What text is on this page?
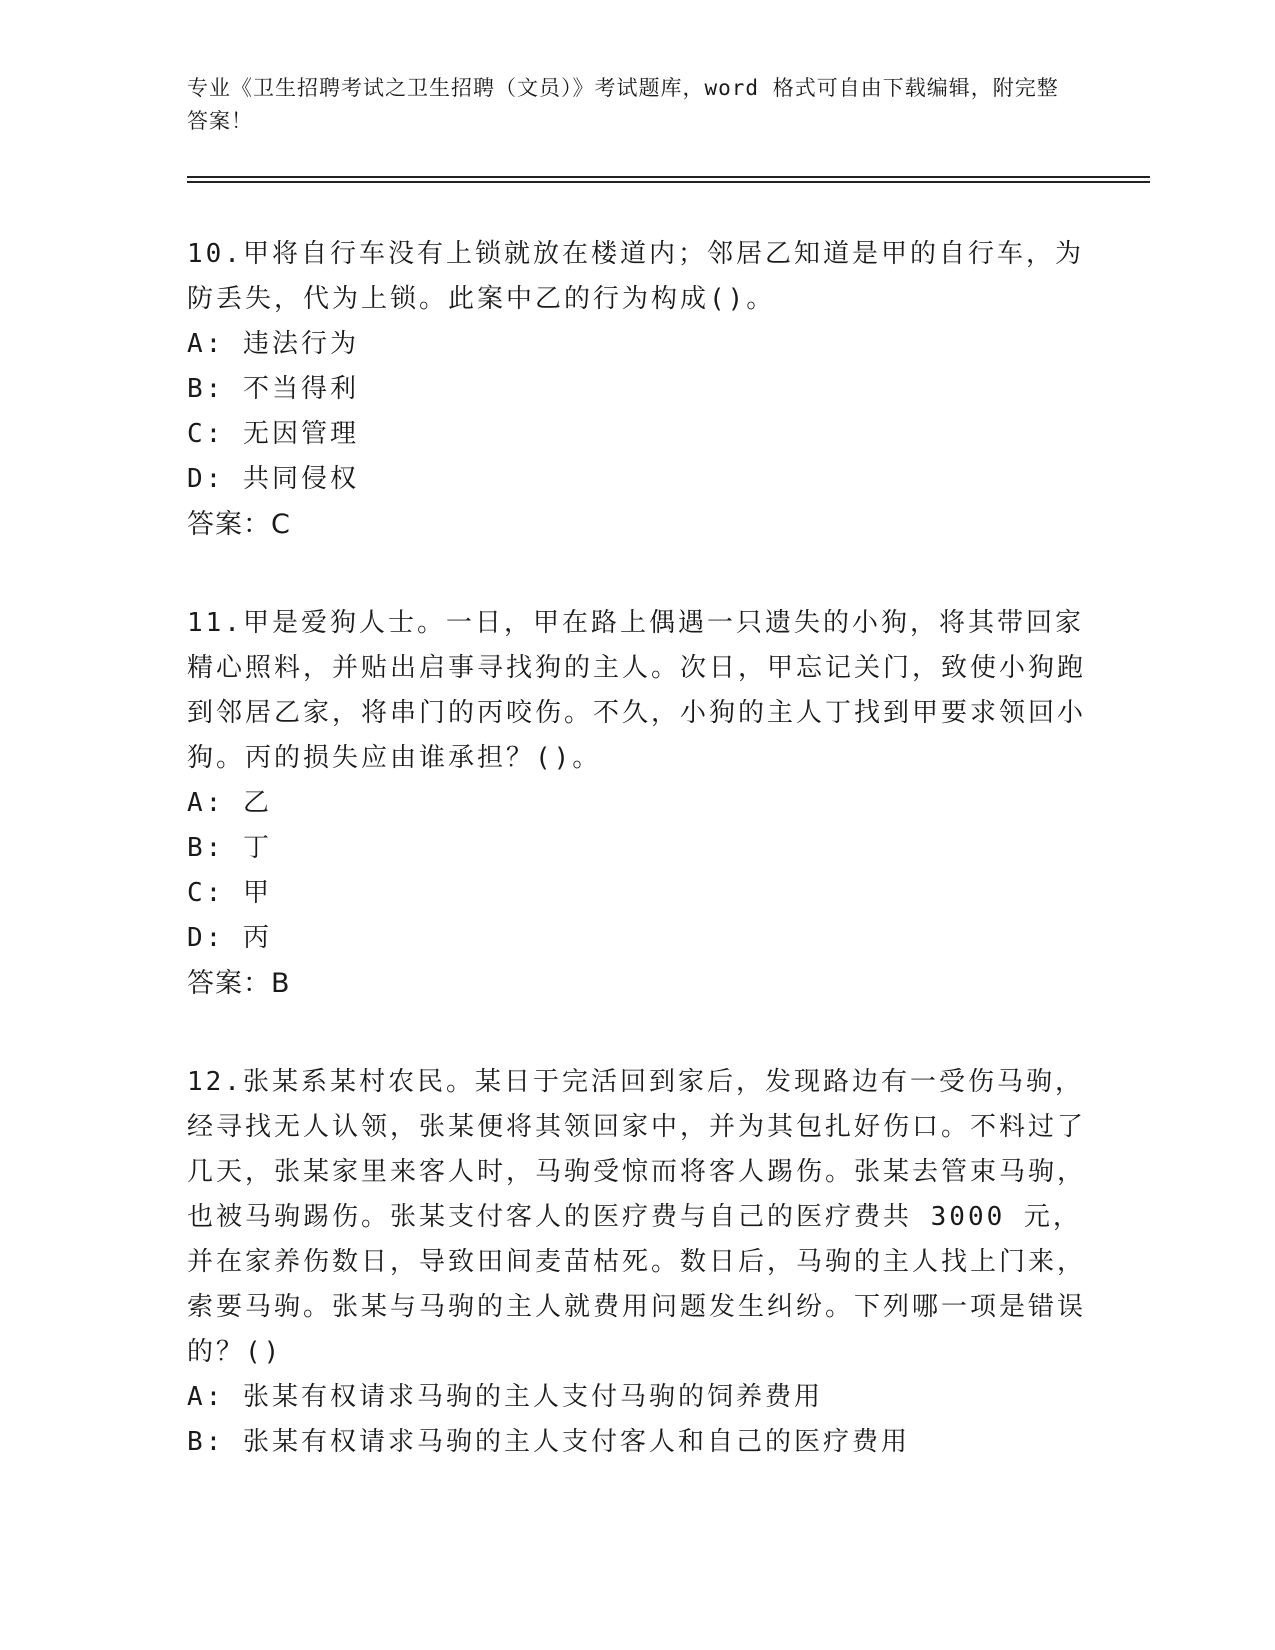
专业《卫生招聘考试之卫生招聘（文员）》考试题库，word 格式可自由下载编辑，附完整答案！

10.甲将自行车没有上锁就放在楼道内；邻居乙知道是甲的自行车，为防丢失，代为上锁。此案中乙的行为构成()。

A: 违法行为

B: 不当得利

C: 无因管理

D: 共同侵权

答案：C

11.甲是爱狗人士。一日，甲在路上偶遇一只遗失的小狗，将其带回家精心照料，并贴出启事寻找狗的主人。次日，甲忘记关门，致使小狗跑到邻居乙家，将串门的丙咬伤。不久，小狗的主人丁找到甲要求领回小狗。丙的损失应由谁承担？()。

A: 乙

B: 丁

C: 甲

D: 丙

答案：B

12.张某系某村农民。某日于完活回到家后，发现路边有一受伤马驹，经寻找无人认领，张某便将其领回家中，并为其包扎好伤口。不料过了几天，张某家里来客人时，马驹受惊而将客人踢伤。张某去管束马驹，也被马驹踢伤。张某支付客人的医疗费与自己的医疗费共 3000 元，并在家养伤数日，导致田间麦苗枯死。数日后，马驹的主人找上门来，索要马驹。张某与马驹的主人就费用问题发生纠纷。下列哪一项是错误的？()

A: 张某有权请求马驹的主人支付马驹的饲养费用

B: 张某有权请求马驹的主人支付客人和自己的医疗费用
